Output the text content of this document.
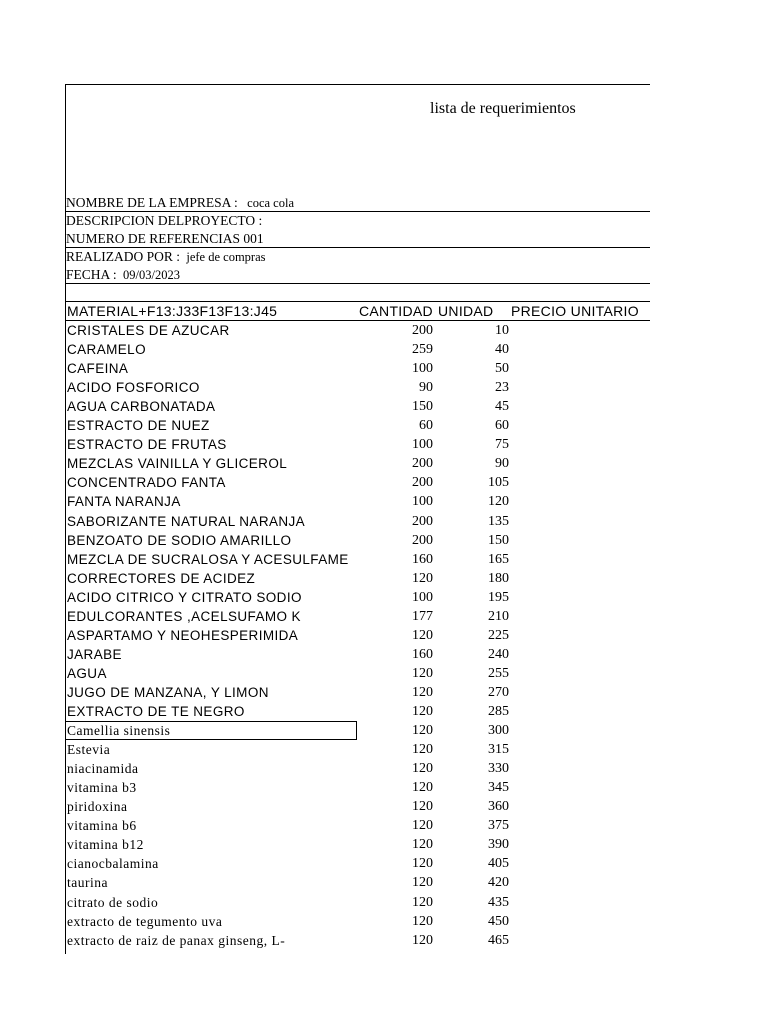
lista de requerimientos
NOMBRE DE LA EMPRESA : coca cola
DESCRIPCION DELPROYECTO :
NUMERO DE REFERENCIAS 001
REALIZADO POR : jefe de compras
FECHA : 09/03/2023
MATERIAL+F13:J33F13F13:J45	CANTIDAD UNIDAD	PRECIO UNITARIO
CRISTALES DE AZUCAR	200	10
CARAMELO	259	40
CAFEINA	100	50
ACIDO FOSFORICO	90	23
AGUA CARBONATADA	150	45
ESTRACTO DE NUEZ	60	60
ESTRACTO DE FRUTAS	100	75
MEZCLAS VAINILLA Y GLICEROL	200	90
CONCENTRADO FANTA	200	105
FANTA NARANJA	100	120
SABORIZANTE NATURAL NARANJA	200	135
BENZOATO DE SODIO AMARILLO	200	150
MEZCLA DE SUCRALOSA Y ACESULFAME	160	165
CORRECTORES DE ACIDEZ	120	180
ACIDO CITRICO Y CITRATO SODIO	100	195
EDULCORANTES ,ACELSUFAMO K	177	210
ASPARTAMO Y NEOHESPERIMIDA	120	225
JARABE	160	240
AGUA	120	255
JUGO DE MANZANA, Y LIMON	120	270
EXTRACTO DE TE NEGRO	120	285
Camellia sinensis	120	300
Estevia	120	315
niacinamida	120	330
vitamina b3	120	345
piridoxina	120	360
vitamina b6	120	375
vitamina b12	120	390
cianocbalamina	120	405
taurina	120	420
citrato de sodio	120	435
extracto de tegumento uva	120	450
extracto de raiz de panax ginseng, L-	120	465
